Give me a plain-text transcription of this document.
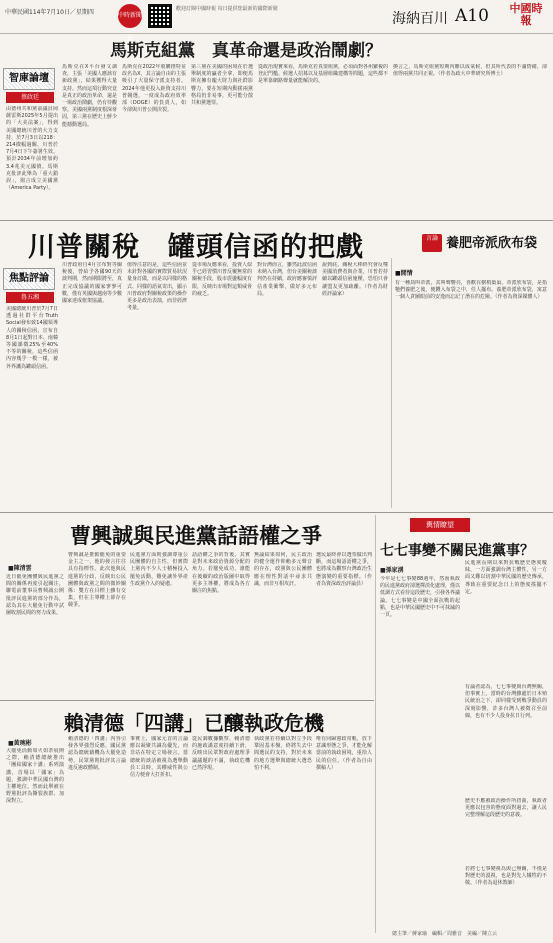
中華民國114年7月10日／星期四	中時新聞網
歡迎訂閱中國時報 每日提供您最新的國際新聞
海納百川 A10	中國時報
馬斯克組黨　真革命還是政治鬧劇？
智庫論壇
蔡政廷
由德州共和黨前議員岡薩雷斯2025年5月提出的「大美法案」，得到美國總統川普的大力支持，於7月3日以218：214微幅過關，川普於7月4日下午簽署生效。預計2034年前增加約3.4兆美元國債。馬斯克批評此舉為「重大錯誤」，揚言成立美國黨（America Party）。
馬斯克在X平台發文調查，主張「美國人應該有新政黨」，結果獲得大量支持。然而這項行動究竟是真正的政治革命，還是一場政治鬧劇，仍有待觀察。美國兩黨制度根深蒂固，第三黨在歷史上鮮少能撼動選局。
馬斯克在2022年收購推特並改名為X，其言論自由的主張吸引了大量保守派支持者。2024年他更投入鉅資支持川普競選，一度成為政府效率部（DOGE）的負責人，如今卻與川普公開決裂。
第三黨在美國的困境在於選舉制度的贏者全拿，即便馬斯克擁有龐大財力與社群影響力，要在短期內動搖兩黨格局仍非易事，更可能分散共和黨選票。
從政治現實來看，馬斯克若真要組黨，必須面對各州繁複的登記門檻、候選人招募以及基層組織建構等問題，這些都不是單靠網路聲量就能解決的。
換言之，馬斯克組黨短期內難以成氣候，但其所代表的不滿情緒，卻值得兩黨共同正視。（作者為政大中華研究所博士）
川普關稅　罐頭信函的把戲	言論 養肥帝派欣布袋
焦點評論
魯五湘
美國總統川普於7月7日透過社群平台Truth Social發布致14國領導人的關稅信函，宣布自8月1日起對日本、南韓等國課徵25%至40%不等的關稅，這些信函內容幾乎一模一樣，被外界譏為罐頭信函。
川普政府自4月宣布對等關稅後，曾給予各國90天的談判期，然而期限將至，真正完成協議的國家寥寥可數，僅有英國與越南等少數國家達成框架協議。
值得注意的是，這些信函並未針對各國的實際貿易狀況量身訂做，而是以同樣的格式、同樣的語氣寄出，顯示川普政府對關稅政策的操作更多是政治表演，而非經濟考量。
從市場反應來看，投資人似乎已經習慣川普反覆無常的關稅手段，股市震盪幅度有限，反映出市場對這類威脅的疲乏。
對台灣而言，雖然此波信函未納入台灣，但台美關稅談判仍在持續，政府應審慎評估產業衝擊，做好多元布局。
說到底，關稅大棒終究會反噬美國消費者與企業，川普若持續以罐頭信函施壓，恐怕只會讓盟友更加疏離。（作者為財經評論家）
■閒情
有一種鳥叫帝派，其叫聲響亮，喜歡在樹梢築巢。帝派欣布袋，是指牠們養肥之後，便鑽入布袋之中，任人擺布。養肥帝派欣布袋，寓意一個人貪圖眼前的安逸而忘記了潛在的危險。（作者為資深媒體人）
曹興誠與民進黨話語權之爭
■陳清雲
近日罷免團體與民進黨之間的關係再度引起關注，聯電前董事長曹興誠公開批評民進黨的部分作為，認為其在大罷免行動中試圖收割民間的努力成果。
曹興誠是推動罷免的重要金主之一，他的發言往往具有指標性。此次他與民進黨的分歧，反映出公民團體與政黨之間的微妙關係：雙方在目標上雖有交集，但在主導權上卻存在競爭。
民進黨方面則強調尊重公民團體的自主性，但實際上黨內不少人士積極投入罷免活動，難免讓外界產生政黨介入的疑慮。
話語權之爭的背後，其實是對未來政治資源分配的角力。若罷免成功，誰能在後續的政治版圖中取得更多主導權，將成為各方關注的焦點。
無論結果如何，民主政治的健全運作仰賴多元聲音的存在，政黨與公民團體應在理性對話中尋求共識，而非互相攻訐。
選民最終會以選票做出判斷，而這場話語權之爭，也將成為觀察台灣政治生態演變的重要指標。（作者為資深政治評論員）
輿情瞭望
七七事變不關民進黨事？
■孫家湧
今年是七七事變88週年，然而執政的民進黨政府卻選擇淡化處理，僅以低調方式看待這段歷史，引發各界議論。七七事變是中國全面抗戰的起點，也是中華民國歷史中不可抹滅的一頁。
民進黨長期以來對抗戰歷史態度曖昧，一方面強調台灣主體性，另一方面又難以切割中華民國的歷史傳承，導致在重要紀念日上的態度搖擺不定。
有論者認為，七七事變與台灣無關，但事實上，當時的台灣雖處於日本殖民統治之下，卻同樣受到戰爭動員的深刻影響，許多台灣人被徵召至前線，也有不少人投身抗日行列。
歷史不應被政治操作所扭曲，執政者更應以包容的態度面對過去，讓人民完整理解這段歷史的意義。
若將七七事變視為與己無關，不僅是對歷史的漠視，也是對先人犧牲的不敬。（作者為退休教師）
賴清德「四講」已釀執政危機
■黃琬彬
大罷免活動如火如荼展開之際，賴清德總統推出「團結國家十講」系列演講，首場以「國家」為題，強調中華民國台灣的主權地位。然而此舉被在野黨批評為撕裂族群、加深對立。
賴清德的「四講」內容引發各界強烈反應，國民黨認為總統藉機為大罷免造勢，民眾黨則批評其言論違反憲政體制。
事實上，國家元首的言論應以凝聚共識為優先，而非站在特定立場發言。當總統的談話被視為選舉動員工具時，其權威性與公信力便會大打折扣。
從民調數據觀察，賴清德的施政滿意度持續下滑，反映出民眾對政府處理爭議議題的不滿，執政危機已然浮現。
執政黨若持續以對立手段鞏固基本盤，終將失去中間選民的支持，對於未來的地方選舉與總統大選恐怕不利。
唯有回歸憲政常軌，放下意識形態之爭，才能化解當前的執政困境，重拾人民的信任。（作者為自由撰稿人）
總主筆／蔣家瑜　編輯／周雅音　美編／陳立云
